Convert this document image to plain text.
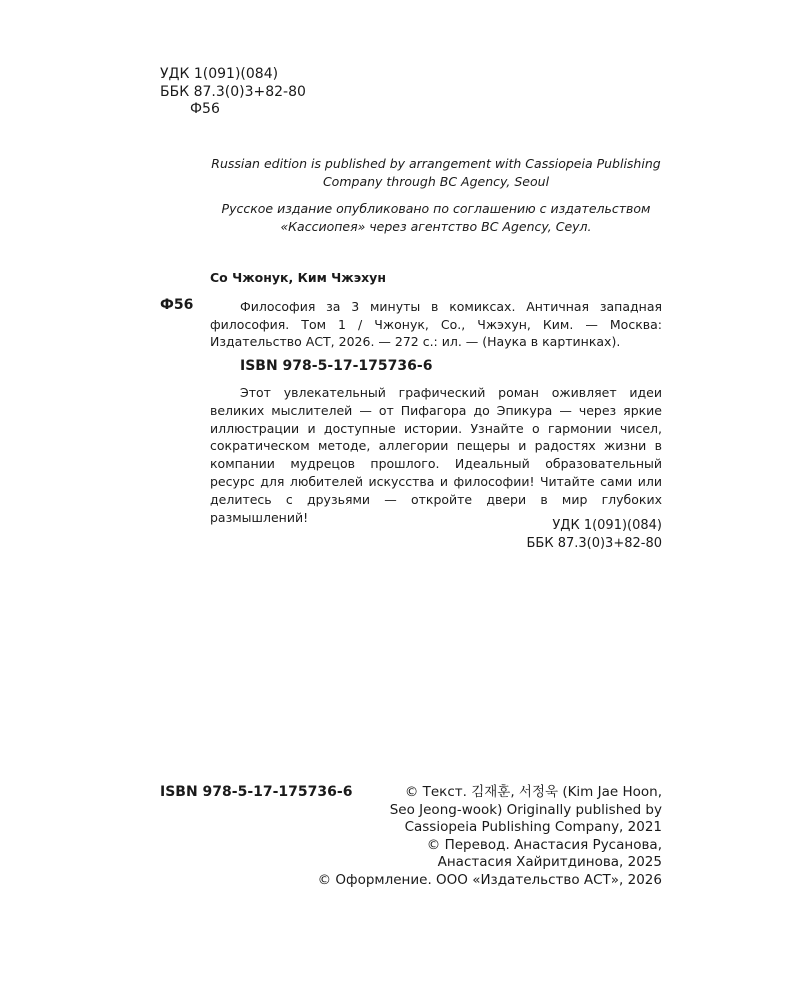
УДК 1(091)(084)
ББК 87.3(0)3+82-80
Ф56
Russian edition is published by arrangement with Cassiopeia Publishing Company through BC Agency, Seoul
Русское издание опубликовано по соглашению с издательством «Кассиопея» через агентство BC Agency, Сеул.
Со Чжонук, Ким Чжэхун
Ф56	Философия за 3 минуты в комиксах. Античная западная философия. Том 1 / Чжонук, Со., Чжэхун, Ким. — Москва: Издательство АСТ, 2026. — 272 с.: ил. — (Наука в картинках).
ISBN 978-5-17-175736-6
Этот увлекательный графический роман оживляет идеи великих мыслителей — от Пифагора до Эпикура — через яркие иллюстрации и доступные истории. Узнайте о гармонии чисел, сократическом методе, аллегории пещеры и радостях жизни в компании мудрецов прошлого. Идеальный образовательный ресурс для любителей искусства и философии! Читайте сами или делитесь с друзьями — откройте двери в мир глубоких размышлений!
УДК 1(091)(084)
ББК 87.3(0)3+82-80
ISBN 978-5-17-175736-6	© Текст. 김재훈, 서정욱 (Kim Jae Hoon, Seo Jeong-wook) Originally published by Cassiopeia Publishing Company, 2021

© Перевод. Анастасия Русанова, Анастасия Хайритдинова, 2025

© Оформление. ООО «Издательство АСТ», 2026
